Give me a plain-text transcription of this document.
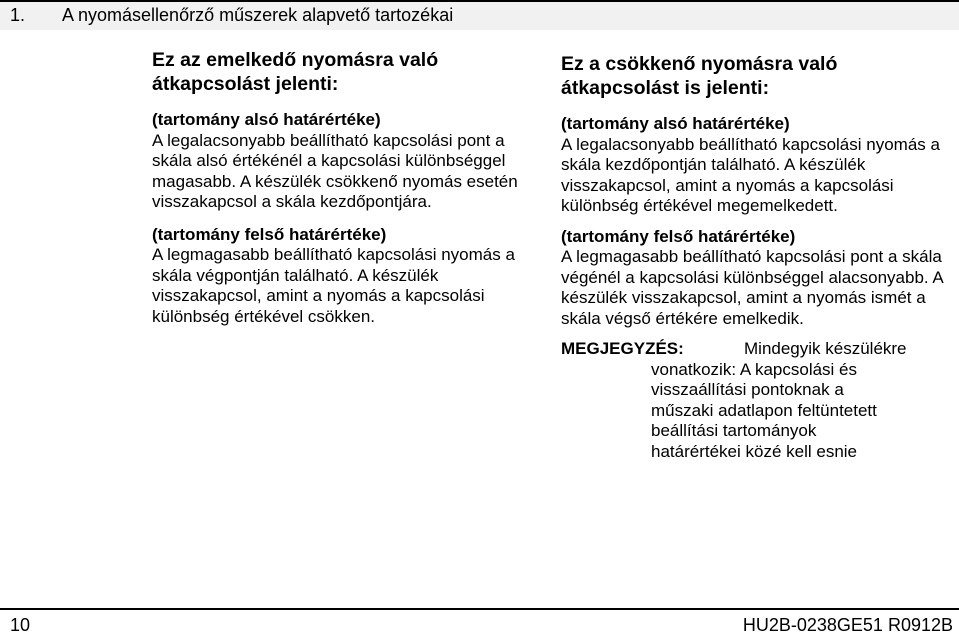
1. A nyomásellenőrző műszerek alapvető tartozékai

Ez az emelkedő nyomásra való átkapcsolást jelenti:

(tartomány alsó határértéke)

A legalacsonyabb beállítható kapcsolási pont a skála alsó értékénél a kapcsolási különbséggel magasabb. A készülék csökkenő nyomás esetén visszakapcsol a skála kezdőpontjára.

(tartomány felső határértéke)

A legmagasabb beállítható kapcsolási nyomás a skála végpontján található. A készülék visszakapcsol, amint a nyomás a kapcsolási különbség értékével csökken.

Ez a csökkenő nyomásra való átkapcsolást is jelenti:

(tartomány alsó határértéke)

A legalacsonyabb beállítható kapcsolási nyomás a skála kezdőpontján található. A készülék visszakapcsol, amint a nyomás a kapcsolási különbség értékével megemelkedett.

(tartomány felső határértéke)

A legmagasabb beállítható kapcsolási pont a skála végénél a kapcsolási különbséggel alacsonyabb. A készülék visszakapcsol, amint a nyomás ismét a skála végső értékére emelkedik.

MEGJEGYZÉS:	Mindegyik készülékre
vonatkozik: A kapcsolási és
visszaállítási pontoknak a
műszaki adatlapon feltüntetett
beállítási tartományok
határértékei közé kell esnie
10	HU2B-0238GE51 R0912B
